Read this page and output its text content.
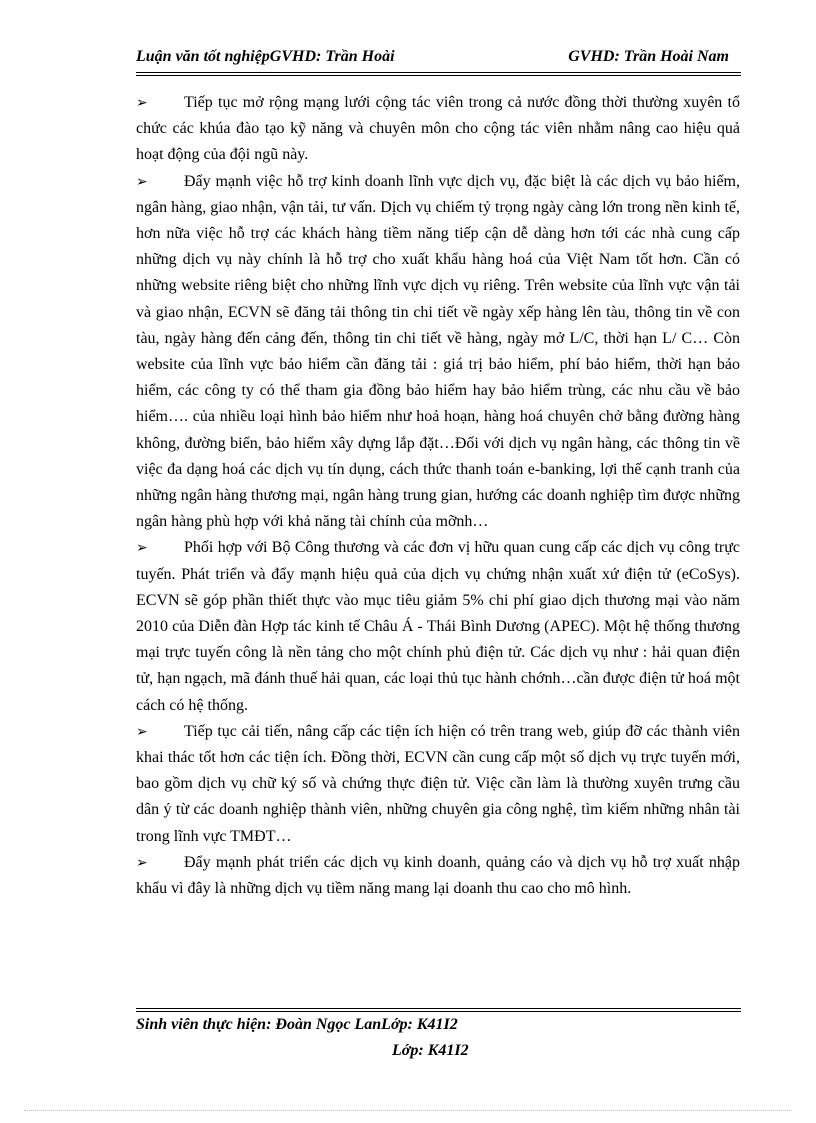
Luận văn tốt nghiệpGVHD: Trần Hoài	GVHD: Trần Hoài Nam

➢ Tiếp tục mở rộng mạng lưới cộng tác viên trong cả nước đồng thời thường xuyên tổ chức các khúa đào tạo kỹ năng và chuyên môn cho cộng tác viên nhằm nâng cao hiệu quả hoạt động của đội ngũ này.

➢ Đẩy mạnh việc hỗ trợ kinh doanh lĩnh vực dịch vụ, đặc biệt là các dịch vụ bảo hiểm, ngân hàng, giao nhận, vận tải, tư vấn. Dịch vụ chiếm tỷ trọng ngày càng lớn trong nền kinh tế, hơn nữa việc hỗ trợ các khách hàng tiềm năng tiếp cận dễ dàng hơn tới các nhà cung cấp những dịch vụ này chính là hỗ trợ cho xuất khẩu hàng hoá của Việt Nam tốt hơn. Cần có những website riêng biệt cho những lĩnh vực dịch vụ riêng. Trên website của lĩnh vực vận tải và giao nhận, ECVN sẽ đăng tải thông tin chi tiết về ngày xếp hàng lên tàu, thông tin về con tàu, ngày hàng đến cảng đến, thông tin chi tiết về hàng, ngày mở L/C, thời hạn L/ C… Còn website của lĩnh vực bảo hiểm cần đăng tải : giá trị bảo hiểm, phí bảo hiểm, thời hạn bảo hiểm, các công ty có thể tham gia đồng bảo hiểm hay bảo hiểm trùng, các nhu cầu về bảo hiểm…. của nhiều loại hình bảo hiểm như hoả hoạn, hàng hoá chuyên chở bằng đường hàng không, đường biển, bảo hiểm xây dựng lắp đặt…Đối với dịch vụ ngân hàng, các thông tin về việc đa dạng hoá các dịch vụ tín dụng, cách thức thanh toán e-banking, lợi thế cạnh tranh của những ngân hàng thương mại, ngân hàng trung gian, hướng các doanh nghiệp tìm được những ngân hàng phù hợp với khả năng tài chính của mỡnh…

➢ Phối hợp với Bộ Công thương và các đơn vị hữu quan cung cấp các dịch vụ công trực tuyến. Phát triển và đẩy mạnh hiệu quả của dịch vụ chứng nhận xuất xứ điện tử (eCoSys). ECVN sẽ góp phần thiết thực vào mục tiêu giảm 5% chi phí giao dịch thương mại vào năm 2010 của Diễn đàn Hợp tác kinh tế Châu Á - Thái Bình Dương (APEC). Một hệ thống thương mại trực tuyến công là nền tảng cho một chính phủ điện tử. Các dịch vụ như : hải quan điện tử, hạn ngạch, mã đánh thuế hải quan, các loại thủ tục hành chớnh…cần được điện tử hoá một cách có hệ thống.

➢ Tiếp tục cải tiến, nâng cấp các tiện ích hiện có trên trang web, giúp đỡ các thành viên khai thác tốt hơn các tiện ích. Đồng thời, ECVN cần cung cấp một số dịch vụ trực tuyến mới, bao gồm dịch vụ chữ ký số và chứng thực điện tử. Việc cần làm là thường xuyên trưng cầu dân ý từ các doanh nghiệp thành viên, những chuyên gia công nghệ, tìm kiếm những nhân tài trong lĩnh vực TMĐT…

➢ Đẩy mạnh phát triển các dịch vụ kinh doanh, quảng cáo và dịch vụ hỗ trợ xuất nhập khẩu vì đây là những dịch vụ tiềm năng mang lại doanh thu cao cho mô hình.

Sinh viên thực hiện: Đoàn Ngọc LanLớp: K41I2
Lớp: K41I2
